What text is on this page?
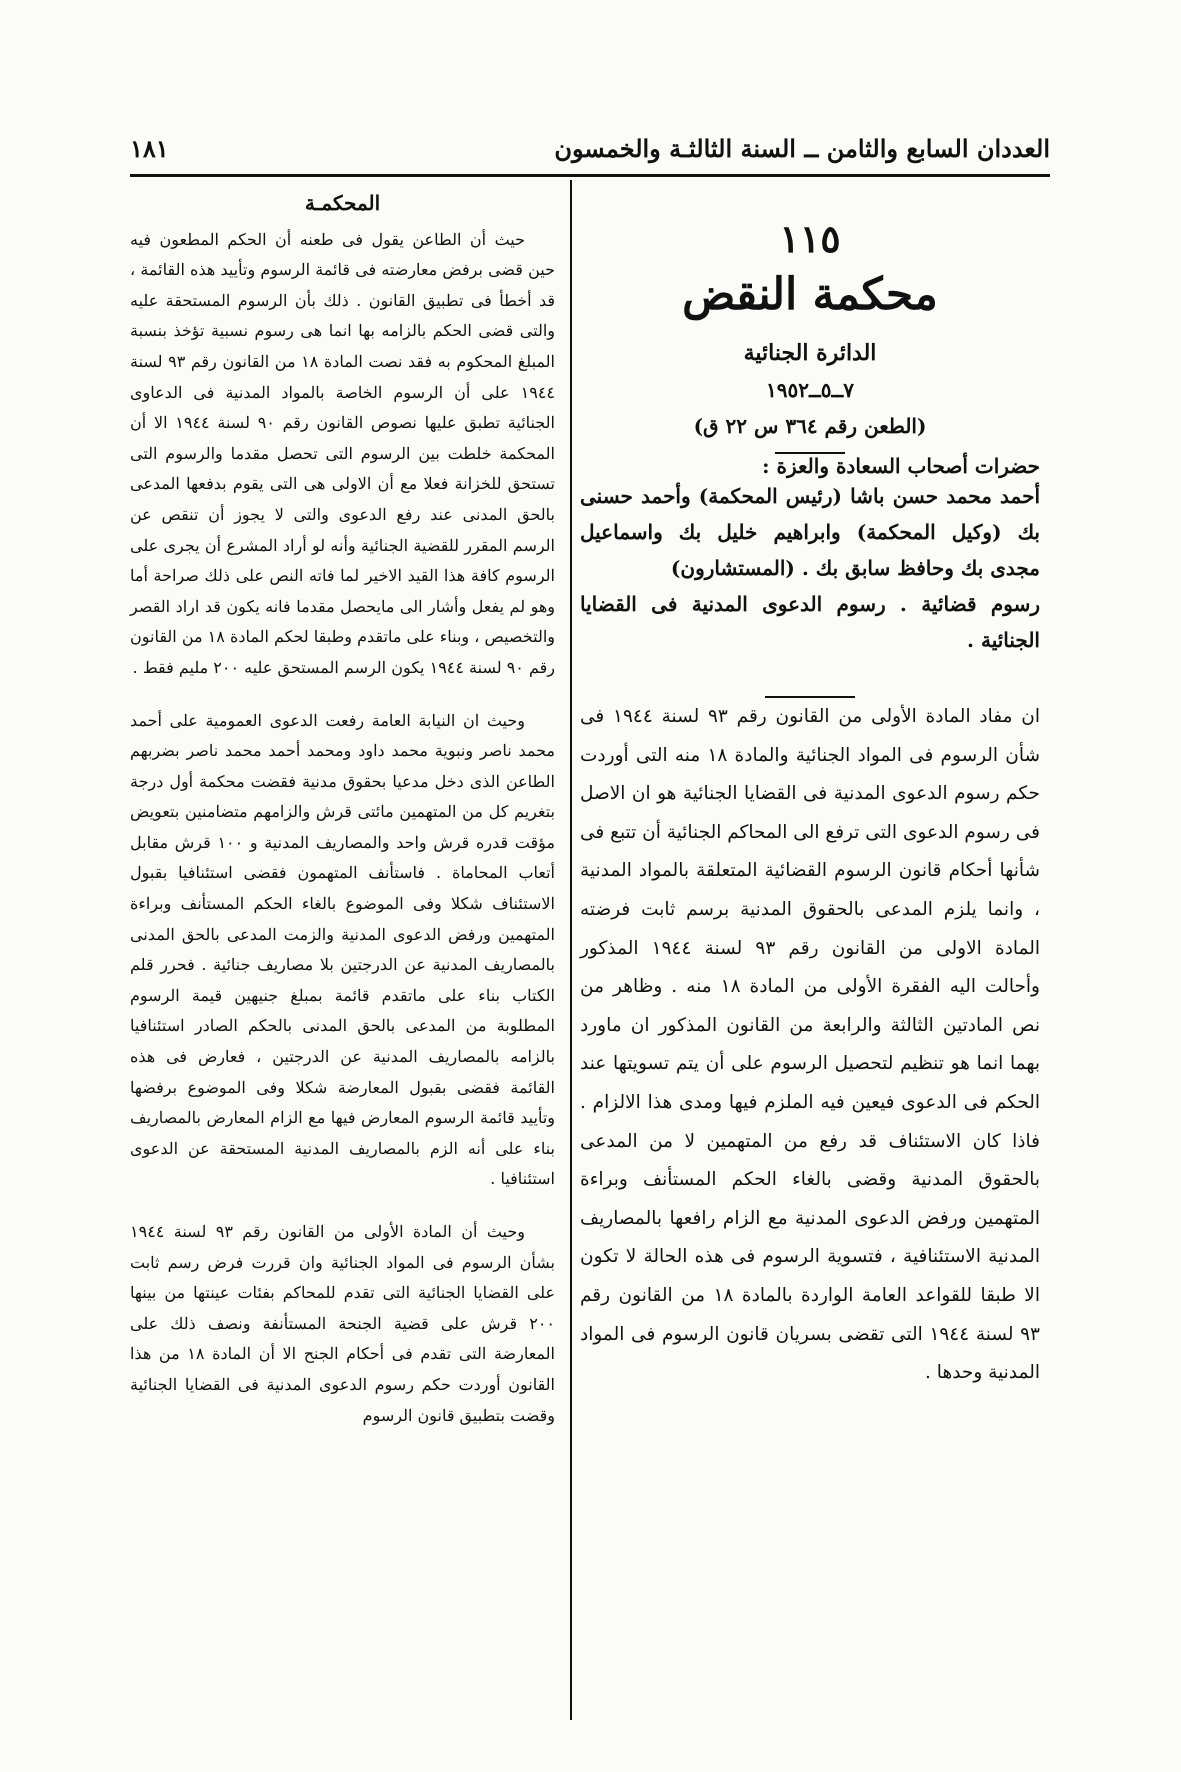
العددان السابع والثامن ــ السنة الثالثـة والخمسون
١٨١
١١٥
محكمة النقض
الدائرة الجنائية
٧ــ٥ــ١٩٥٢
(الطعن رقم ٣٦٤ س ٢٢ ق)

حضرات أصحاب السعادة والعزة :

أحمد محمد حسن باشا (رئيس المحكمة) وأحمد حسنى بك (وكيل المحكمة) وابراهيم خليل بك واسماعيل مجدى بك وحافظ سابق بك . (المستشارون)

رسوم قضائية . رسوم الدعوى المدنية فى القضايا الجنائية .

ان مفاد المادة الأولى من القانون رقم ٩٣ لسنة ١٩٤٤ فى شأن الرسوم فى المواد الجنائية والمادة ١٨ منه التى أوردت حكم رسوم الدعوى المدنية فى القضايا الجنائية هو ان الاصل فى رسوم الدعوى التى ترفع الى المحاكم الجنائية أن تتبع فى شأنها أحكام قانون الرسوم القضائية المتعلقة بالمواد المدنية ، وانما يلزم المدعى بالحقوق المدنية برسم ثابت فرضته المادة الاولى من القانون رقم ٩٣ لسنة ١٩٤٤ المذكور وأحالت اليه الفقرة الأولى من المادة ١٨ منه . وظاهر من نص المادتين الثالثة والرابعة من القانون المذكور ان ماورد بهما انما هو تنظيم لتحصيل الرسوم على أن يتم تسويتها عند الحكم فى الدعوى فيعين فيه الملزم فيها ومدى هذا الالزام . فاذا كان الاستئناف قد رفع من المتهمين لا من المدعى بالحقوق المدنية وقضى بالغاء الحكم المستأنف وبراءة المتهمين ورفض الدعوى المدنية مع الزام رافعها بالمصاريف المدنية الاستئنافية ، فتسوية الرسوم فى هذه الحالة لا تكون الا طبقا للقواعد العامة الواردة بالمادة ١٨ من القانون رقم ٩٣ لسنة ١٩٤٤ التى تقضى بسريان قانون الرسوم فى المواد المدنية وحدها .

المحكمـة

حيث أن الطاعن يقول فى طعنه أن الحكم المطعون فيه حين قضى برفض معارضته فى قائمة الرسوم وتأييد هذه القائمة ، قد أخطأ فى تطبيق القانون . ذلك بأن الرسوم المستحقة عليه والتى قضى الحكم بالزامه بها انما هى رسوم نسبية تؤخذ بنسبة المبلغ المحكوم به فقد نصت المادة ١٨ من القانون رقم ٩٣ لسنة ١٩٤٤ على أن الرسوم الخاصة بالمواد المدنية فى الدعاوى الجنائية تطبق عليها نصوص القانون رقم ٩٠ لسنة ١٩٤٤ الا أن المحكمة خلطت بين الرسوم التى تحصل مقدما والرسوم التى تستحق للخزانة فعلا مع أن الاولى هى التى يقوم بدفعها المدعى بالحق المدنى عند رفع الدعوى والتى لا يجوز أن تنقص عن الرسم المقرر للقضية الجنائية وأنه لو أراد المشرع أن يجرى على الرسوم كافة هذا القيد الاخير لما فاته النص على ذلك صراحة أما وهو لم يفعل وأشار الى مايحصل مقدما فانه يكون قد اراد القصر والتخصيص ، وبناء على ماتقدم وطبقا لحكم المادة ١٨ من القانون رقم ٩٠ لسنة ١٩٤٤ يكون الرسم المستحق عليه ٢٠٠ مليم فقط .

وحيث ان النيابة العامة رفعت الدعوى العمومية على أحمد محمد ناصر ونبوية محمد داود ومحمد أحمد محمد ناصر بضربهم الطاعن الذى دخل مدعيا بحقوق مدنية فقضت محكمة أول درجة بتغريم كل من المتهمين مائتى قرش والزامهم متضامنين بتعويض مؤقت قدره قرش واحد والمصاريف المدنية و ١٠٠ قرش مقابل أتعاب المحاماة . فاستأنف المتهمون فقضى استئنافيا بقبول الاستئناف شكلا وفى الموضوع بالغاء الحكم المستأنف وبراءة المتهمين ورفض الدعوى المدنية والزمت المدعى بالحق المدنى بالمصاريف المدنية عن الدرجتين بلا مصاريف جنائية . فحرر قلم الكتاب بناء على ماتقدم قائمة بمبلغ جنيهين قيمة الرسوم المطلوبة من المدعى بالحق المدنى بالحكم الصادر استئنافيا بالزامه بالمصاريف المدنية عن الدرجتين ، فعارض فى هذه القائمة فقضى بقبول المعارضة شكلا وفى الموضوع برفضها وتأييد قائمة الرسوم المعارض فيها مع الزام المعارض بالمصاريف بناء على أنه الزم بالمصاريف المدنية المستحقة عن الدعوى استئنافيا .

وحيث أن المادة الأولى من القانون رقم ٩٣ لسنة ١٩٤٤ بشأن الرسوم فى المواد الجنائية وان قررت فرض رسم ثابت على القضايا الجنائية التى تقدم للمحاكم بفئات عينتها من بينها ٢٠٠ قرش على قضية الجنحة المستأنفة ونصف ذلك على المعارضة التى تقدم فى أحكام الجنح الا أن المادة ١٨ من هذا القانون أوردت حكم رسوم الدعوى المدنية فى القضايا الجنائية وقضت بتطبيق قانون الرسوم
